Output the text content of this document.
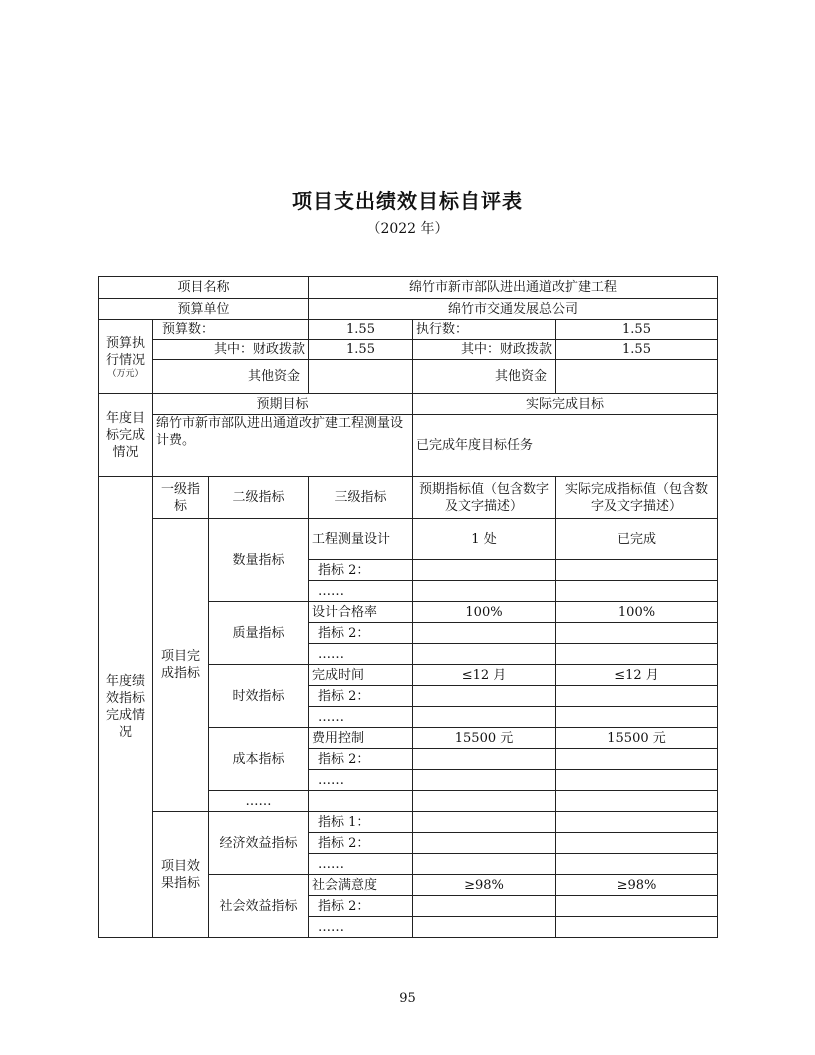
项目支出绩效目标自评表
（2022 年）
项目名称			绵竹市新市部队进出通道改扩建工程		
预算单位			绵竹市交通发展总公司		

预算执行情况
（万元）	预算数：		1.55	执行数：	1.55
	其中：财政拨款		1.55	其中：财政拨款	1.55
	其他资金			其他资金	
年度目标完成情况	预期目标			实际完成目标	
	绵竹市新市部队进出通道改扩建工程测量设计费。			已完成年度目标任务	
年度绩效指标完成情况	一级指标	二级指标	三级指标	预期指标值（包含数字及文字描述）	实际完成指标值（包含数字及文字描述）
	项目完成指标	数量指标	工程测量设计	1 处	已完成
			指标 2：		
			……		
		质量指标	设计合格率	100%	100%
			指标 2：		
			……		
		时效指标	完成时间	≤12 月	≤12 月
			指标 2：		
			……		
		成本指标	费用控制	15500 元	15500 元
			指标 2：		
			……		
		……			
	项目效果指标	经济效益指标	指标 1：		
			指标 2：		
			……		
		社会效益指标	社会满意度	≥98%	≥98%
			指标 2：		
			……		
95
